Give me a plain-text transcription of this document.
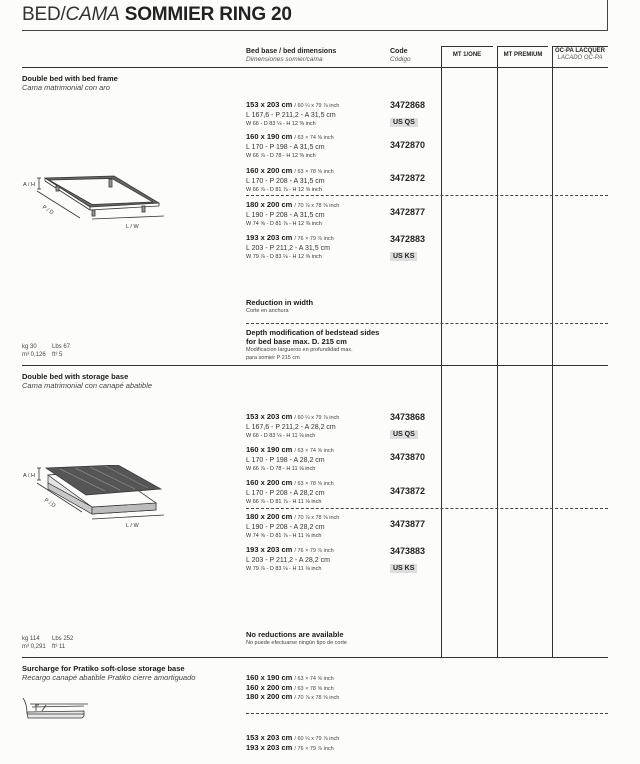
BED/CAMA SOMMIER RING 20
Bed base / bed dimensions
Dimensiones somier/cama
Code
Código
MT 1/ONE	MT PREMIUM
OC-PA LACQUER
LACADO OC-PA
Double bed with bed frame
Cama matrimonial con aro
A / H
P / D
L / W
153 x 203 cm / 60 ¼ x 79 ⅞ inch
L 167,6 - P 211,2 - A 31,5 cm
W 66 - D 83 ⅛ - H 12 ⅜ inch
3472868
US QS
160 x 190 cm / 63 × 74 ⅝ inch
L 170 - P 198 - A 31,5 cm
W 66 ⅞ - D 78 - H 12 ⅜ inch
3472870
160 x 200 cm / 63 × 78 ⅝ inch
L 170 - P 208 - A 31,5 cm
W 66 ⅞ - D 81 ⅞ - H 12 ⅜ inch
3472872
180 x 200 cm / 70 ⅞ x 78 ⅝ inch
L 190 - P 208 - A 31,5 cm
W 74 ⅝ - D 81 ⅞ - H 12 ⅜ inch
3472877
193 x 203 cm / 76 × 79 ⅞ inch
L 203 - P 211,2 - A 31,5 cm
W 79 ⅞ - D 83 ⅛ - H 12 ⅜ inch
3472883
US KS
Reduction in width
Corte en anchura
Depth modification of bedstead sides
for bed base max. D. 215 cm
Modificacion largueros en profundidad max.
para somier P 215 cm
kg 30	Lbs 67
m³ 0,126 ft³ 5
Double bed with storage base
Cama matrimonial con canapé abatible
A / H
P / D
L / W
153 x 203 cm / 60 ¼ x 79 ⅞ inch
L 167,6 - P 211,2 - A 28,2 cm
W 66 - D 83 ⅛ - H 11 ⅛ inch
3473868
US QS
160 x 190 cm / 63 × 74 ⅝ inch
L 170 - P 198 - A 28,2 cm
W 66 ⅞ - D 78 - H 11 ⅛ inch
3473870
160 x 200 cm / 63 × 78 ⅝ inch
L 170 - P 208 - A 28,2 cm
W 66 ⅞ - D 81 ⅞ - H 11 ⅛ inch
3473872
180 x 200 cm / 70 ⅞ x 78 ⅝ inch
L 190 - P 208 - A 28,2 cm
W 74 ⅝ - D 81 ⅞ - H 11 ⅛ inch
3473877
193 x 203 cm / 76 × 79 ⅞ inch
L 203 - P 211,2 - A 28,2 cm
W 79 ⅞ - D 83 ⅛ - H 11 ⅛ inch
3473883
US KS
No reductions are available
No puede efectuarse ningún tipo de corte
kg 114 Lbs 252
m³ 0,291 ft³ 11
Surcharge for Pratiko soft-close storage base
Recargo canapé abatible Pratiko cierre amortiguado	160 x 190 cm / 63 × 74 ⅝ inch
160 x 200 cm / 63 × 78 ⅝ inch
180 x 200 cm / 70 ⅞ x 78 ⅝ inch
153 x 203 cm / 60 ¼ x 79 ⅞ inch
193 x 203 cm / 76 × 79 ⅞ inch
